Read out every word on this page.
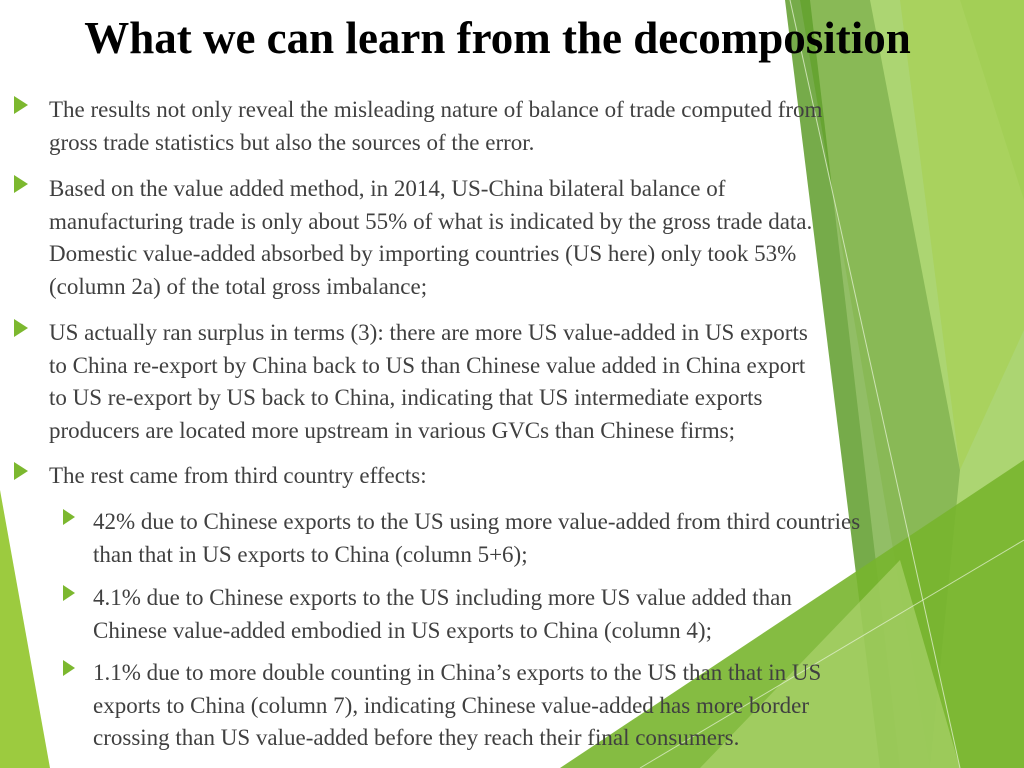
What we can learn from the decomposition
The results not only reveal the misleading nature of balance of trade computed from
gross trade statistics but also the sources of the error.
Based on the value added method, in 2014, US-China bilateral balance of
manufacturing trade is only about 55% of what is indicated by the gross trade data.
Domestic value-added absorbed by importing countries (US here) only took 53%
(column 2a) of the total gross imbalance;
US actually ran surplus in terms (3): there are more US value-added in US exports
to China re-export by China back to US than Chinese value added in China export
to US re-export by US back to China, indicating that US intermediate exports
producers are located more upstream in various GVCs than Chinese firms;
The rest came from third country effects:
42% due to Chinese exports to the US using more value-added from third countries
than that in US exports to China (column 5+6);
4.1% due to Chinese exports to the US including more US value added than
Chinese value-added embodied in US exports to China (column 4);
1.1% due to more double counting in China’s exports to the US than that in US
exports to China (column 7), indicating Chinese value-added has more border
crossing than US value-added before they reach their final consumers.
